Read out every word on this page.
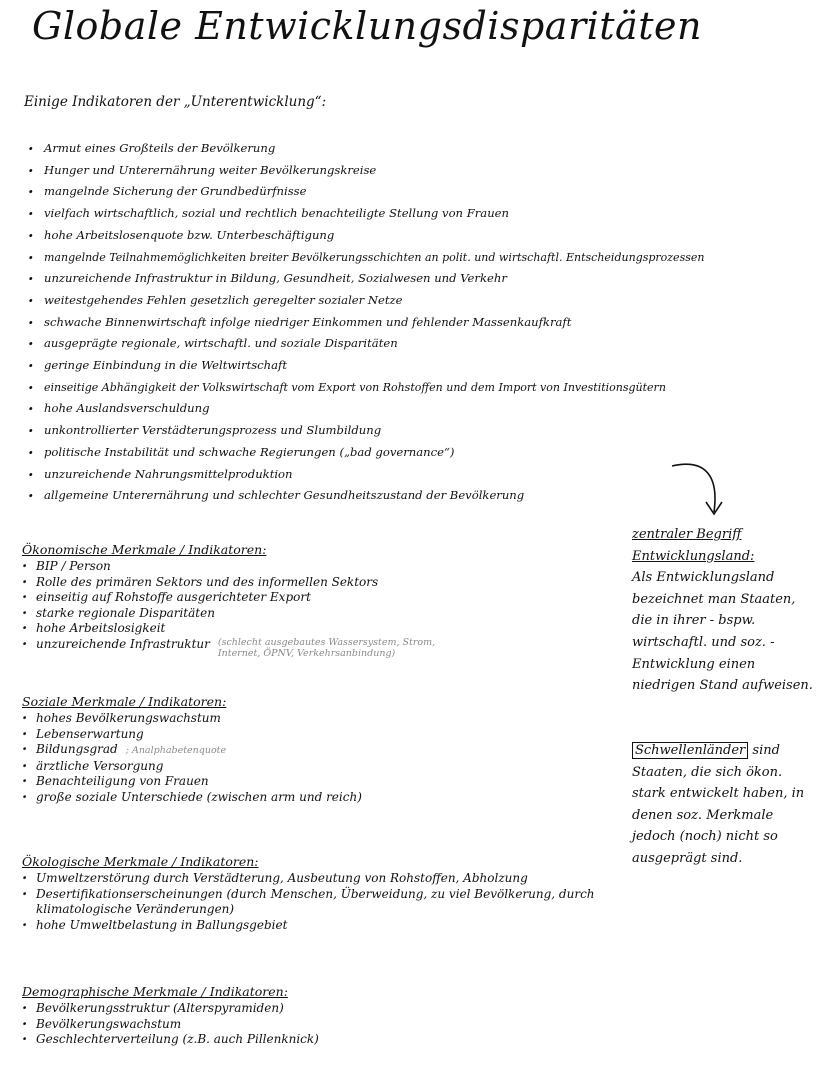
Globale Entwicklungsdisparitäten
Einige Indikatoren der „Unterentwicklung“:
· Armut eines Großteils der Bevölkerung
· Hunger und Unterernährung weiter Bevölkerungskreise
· mangelnde Sicherung der Grundbedürfnisse
· vielfach wirtschaftlich, sozial und rechtlich benachteiligte Stellung von Frauen
· hohe Arbeitslosenquote bzw. Unterbeschäftigung
· mangelnde Teilnahmemöglichkeiten breiter Bevölkerungsschichten an polit. und wirtschaftl. Entscheidungsprozessen
· unzureichende Infrastruktur in Bildung, Gesundheit, Sozialwesen und Verkehr
· weitestgehendes Fehlen gesetzlich geregelter sozialer Netze
· schwache Binnenwirtschaft infolge niedriger Einkommen und fehlender Massenkaufkraft
· ausgeprägte regionale, wirtschaftl. und soziale Disparitäten
· geringe Einbindung in die Weltwirtschaft
· einseitige Abhängigkeit der Volkswirtschaft vom Export von Rohstoffen und dem Import von Investitionsgütern
· hohe Auslandsverschuldung
· unkontrollierter Verstädterungsprozess und Slumbildung
· politische Instabilität und schwache Regierungen („bad governance“)
· unzureichende Nahrungsmittelproduktion
· allgemeine Unterernährung und schlechter Gesundheitszustand der Bevölkerung
Ökonomische Merkmale / Indikatoren:
· BIP / Person
· Rolle des primären Sektors und des informellen Sektors
· einseitig auf Rohstoffe ausgerichteter Export
· starke regionale Disparitäten
· hohe Arbeitslosigkeit
· unzureichende Infrastruktur (schlecht ausgebautes Wassersystem, Strom, Internet, ÖPNV, Verkehrsanbindung)
Soziale Merkmale / Indikatoren:
· hohes Bevölkerungswachstum
· Lebenserwartung
· Bildungsgrad ; Analphabetenquote
· ärztliche Versorgung
· Benachteiligung von Frauen
· große soziale Unterschiede (zwischen arm und reich)
Ökologische Merkmale / Indikatoren:
· Umweltzerstörung durch Verstädterung, Ausbeutung von Rohstoffen, Abholzung
· Desertifikationserscheinungen (durch Menschen, Überweidung, zu viel Bevölkerung, durch klimatologische Veränderungen)
· hohe Umweltbelastung in Ballungsgebiet
Demographische Merkmale / Indikatoren:
· Bevölkerungsstruktur (Alterspyramiden)
· Bevölkerungswachstum
· Geschlechterverteilung (z.B. auch Pillenknick)
zentraler Begriff
Entwicklungsland:
Als Entwicklungsland bezeichnet man Staaten, die in ihrer - bspw. wirtschaftl. und soz. - Entwicklung einen niedrigen Stand aufweisen.
Schwellenländer sind Staaten, die sich ökon. stark entwickelt haben, in denen soz. Merkmale jedoch (noch) nicht so ausgeprägt sind.
